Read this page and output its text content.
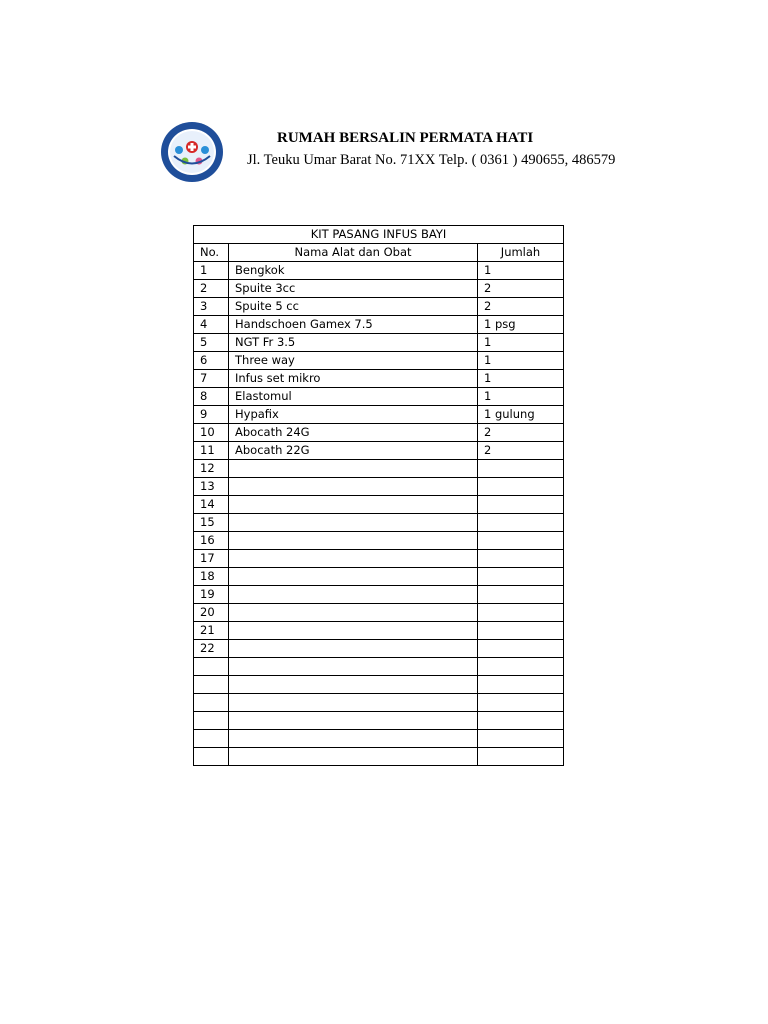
RUMAH BERSALIN PERMATA HATI
Jl. Teuku Umar Barat No. 71XX Telp. ( 0361 ) 490655, 486579
KIT PASANG INFUS BAYI		
No.	Nama Alat dan Obat	Jumlah
1	Bengkok	1
2	Spuite 3cc	2
3	Spuite 5 cc	2
4	Handschoen Gamex 7.5	1 psg
5	NGT Fr 3.5	1
6	Three way	1
7	Infus set mikro	1
8	Elastomul	1
9	Hypafix	1 gulung
10	Abocath 24G	2
11	Abocath 22G	2
12		
13		
14		
15		
16		
17		
18		
19		
20		
21		
22		
